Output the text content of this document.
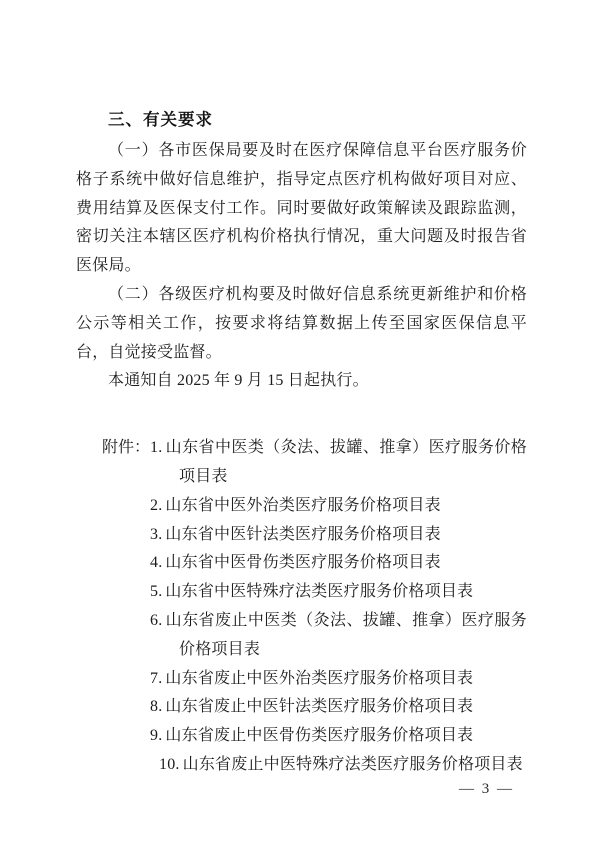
三、有关要求

（一）各市医保局要及时在医疗保障信息平台医疗服务价格子系统中做好信息维护，指导定点医疗机构做好项目对应、费用结算及医保支付工作。同时要做好政策解读及跟踪监测，密切关注本辖区医疗机构价格执行情况，重大问题及时报告省医保局。

（二）各级医疗机构要及时做好信息系统更新维护和价格公示等相关工作，按要求将结算数据上传至国家医保信息平台，自觉接受监督。

本通知自 2025 年 9 月 15 日起执行。

附件： 1. 山东省中医类（灸法、拔罐、推拿）医疗服务价格项目表
2. 山东省中医外治类医疗服务价格项目表
3. 山东省中医针法类医疗服务价格项目表
4. 山东省中医骨伤类医疗服务价格项目表
5. 山东省中医特殊疗法类医疗服务价格项目表
6. 山东省废止中医类（灸法、拔罐、推拿）医疗服务价格项目表
7. 山东省废止中医外治类医疗服务价格项目表
8. 山东省废止中医针法类医疗服务价格项目表
9. 山东省废止中医骨伤类医疗服务价格项目表
10. 山东省废止中医特殊疗法类医疗服务价格项目表
— 3 —
